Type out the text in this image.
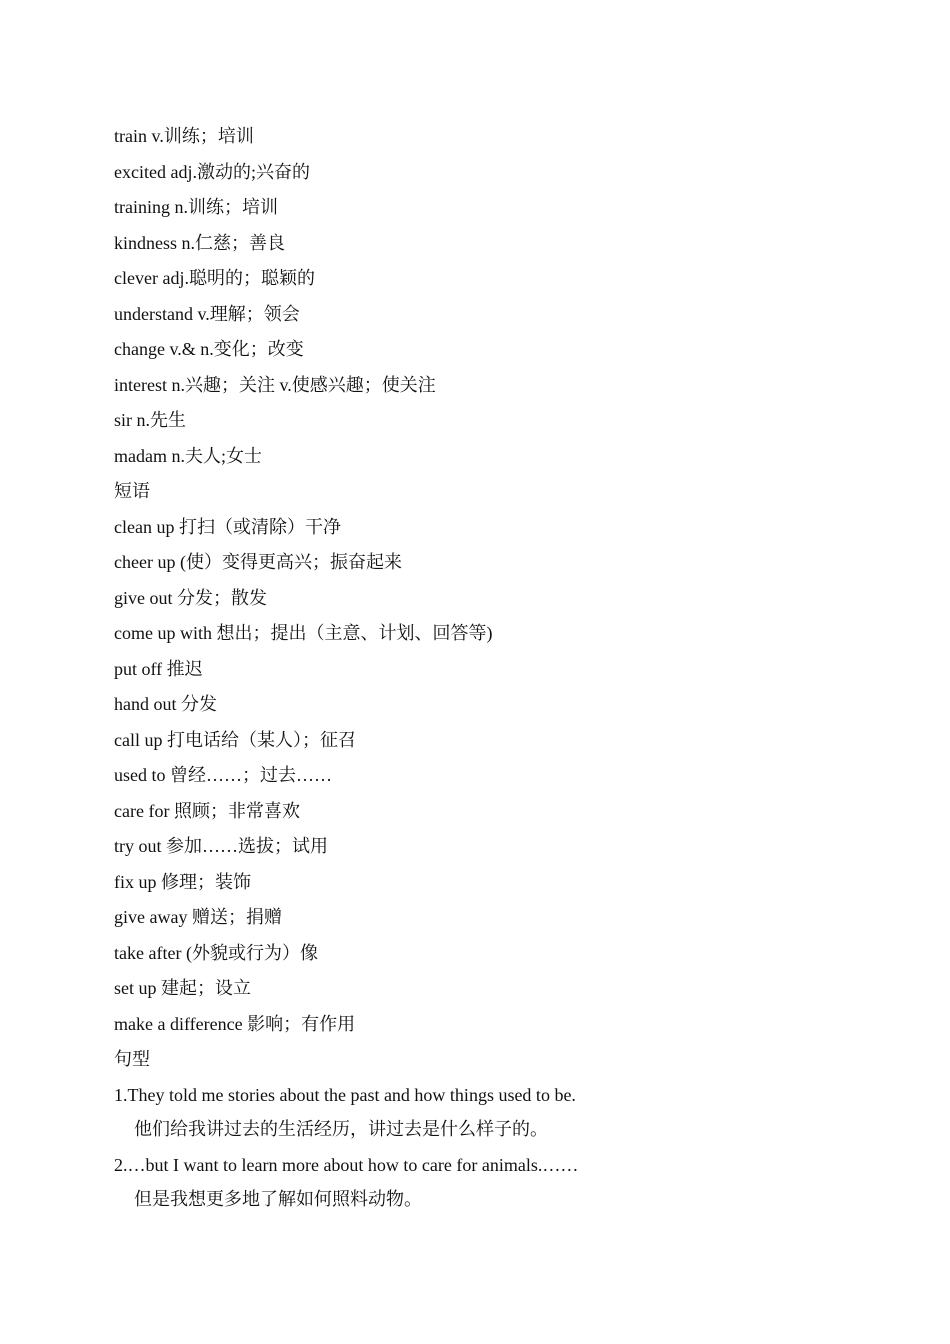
train v.训练；培训
excited adj.激动的;兴奋的
training n.训练；培训
kindness n.仁慈；善良
clever adj.聪明的；聪颖的
understand v.理解；领会
change v.& n.变化；改变
interest n.兴趣；关注 v.使感兴趣；使关注
sir n.先生
madam n.夫人;女士
短语
clean up 打扫（或清除）干净
cheer up (使）变得更高兴；振奋起来
give out 分发；散发
come up with 想出；提出（主意、计划、回答等)
put off 推迟
hand out 分发
call up 打电话给（某人）；征召
used to 曾经……；过去……
care for 照顾；非常喜欢
try out 参加……选拔；试用
fix up 修理；装饰
give away 赠送；捐赠
take after (外貌或行为）像
set up 建起；设立
make a difference 影响；有作用
句型
1.They told me stories about the past and how things used to be.
他们给我讲过去的生活经历，讲过去是什么样子的。
2.…but I want to learn more about how to care for animals.……
但是我想更多地了解如何照料动物。
